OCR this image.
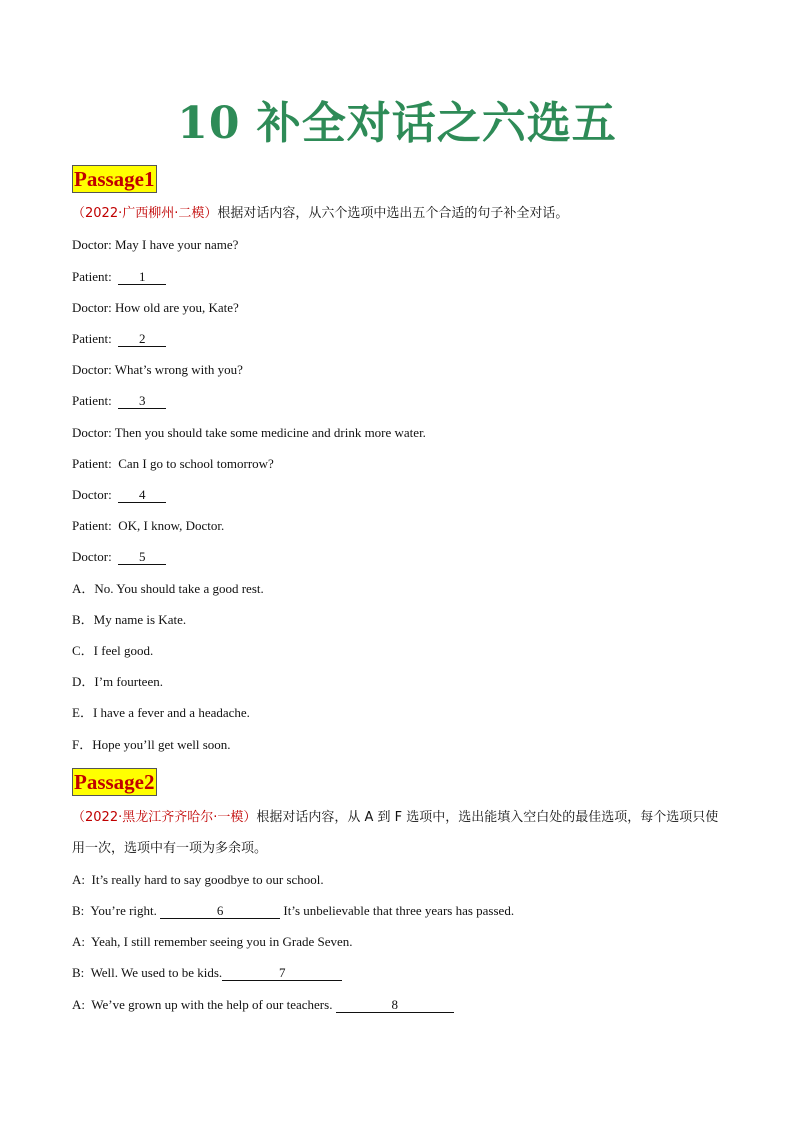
10 补全对话之六选五
Passage1

（2022·广西柳州·二模）根据对话内容，从六个选项中选出五个合适的句子补全对话。

Doctor: May I have your name?

Patient: 1

Doctor: How old are you, Kate?

Patient: 2

Doctor: What’s wrong with you?

Patient: 3

Doctor: Then you should take some medicine and drink more water.

Patient: Can I go to school tomorrow?

Doctor: 4

Patient: OK, I know, Doctor.

Doctor: 5

A．No. You should take a good rest.

B．My name is Kate.

C．I feel good.

D．I’m fourteen.

E．I have a fever and a headache.

F．Hope you’ll get well soon.

Passage2

（2022·黑龙江齐齐哈尔·一模）根据对话内容，从 A 到 F 选项中，选出能填入空白处的最佳选项，每个选项只使用一次，选项中有一项为多余项。

A: It’s really hard to say goodbye to our school.

B: You’re right.	6	It’s unbelievable that three years has passed.

A: Yeah, I still remember seeing you in Grade Seven.

B: Well. We used to be kids.	7

A: We’ve grown up with the help of our teachers.	8
